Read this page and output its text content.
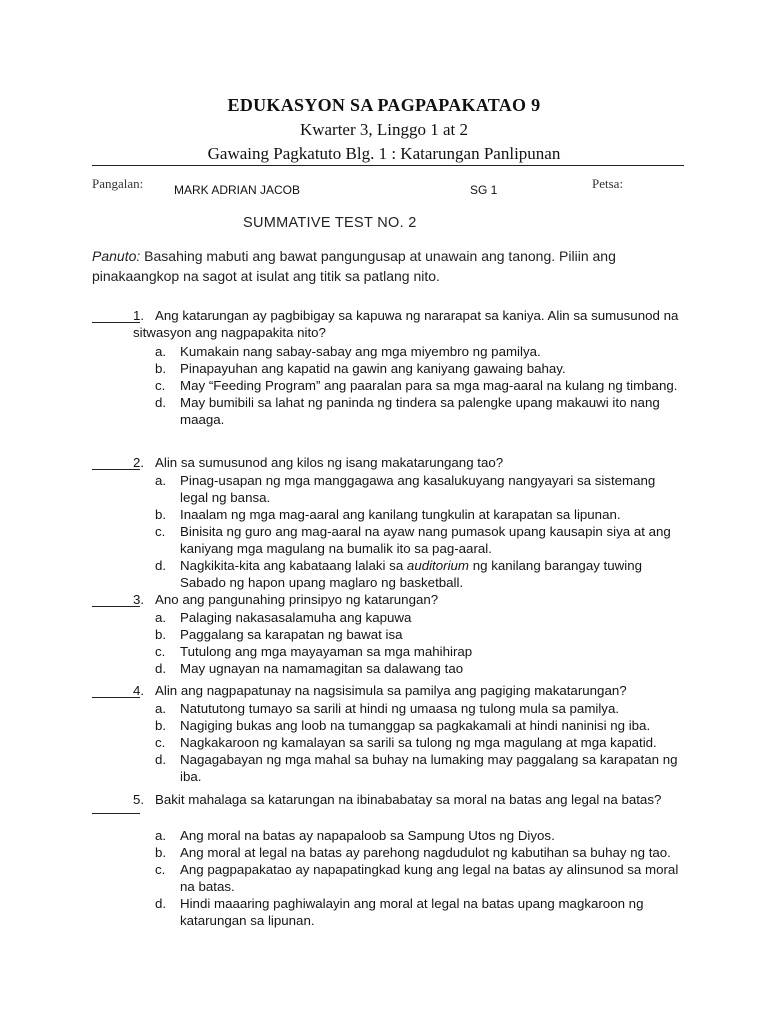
EDUKASYON SA PAGPAPAKATAO 9
Kwarter 3, Linggo 1 at 2
Gawaing Pagkatuto Blg. 1 : Katarungan Panlipunan
Pangalan:	MARK ADRIAN JACOB	SG 1	Petsa:
SUMMATIVE TEST NO. 2
Panuto: Basahing mabuti ang bawat pangungusap at unawain ang tanong. Piliin ang pinakaangkop na sagot at isulat ang titik sa patlang nito.
1. Ang katarungan ay pagbibigay sa kapuwa ng nararapat sa kaniya. Alin sa sumusunod na sitwasyon ang nagpapakita nito?
a.	Kumakain nang sabay-sabay ang mga miyembro ng pamilya.
b.	Pinapayuhan ang kapatid na gawin ang kaniyang gawaing bahay.
c.	May “Feeding Program” ang paaralan para sa mga mag-aaral na kulang ng timbang.
d.	May bumibili sa lahat ng paninda ng tindera sa palengke upang makauwi ito nang maaga.
2. Alin sa sumusunod ang kilos ng isang makatarungang tao?
a.	Pinag-usapan ng mga manggagawa ang kasalukuyang nangyayari sa sistemang legal ng bansa.
b.	Inaalam ng mga mag-aaral ang kanilang tungkulin at karapatan sa lipunan.
c.	Binisita ng guro ang mag-aaral na ayaw nang pumasok upang kausapin siya at ang kaniyang mga magulang na bumalik ito sa pag-aaral.
d.	Nagkikita-kita ang kabataang lalaki sa auditorium ng kanilang barangay tuwing Sabado ng hapon upang maglaro ng basketball.
3. Ano ang pangunahing prinsipyo ng katarungan?
a.	Palaging nakasasalamuha ang kapuwa
b.	Paggalang sa karapatan ng bawat isa
c.	Tutulong ang mga mayayaman sa mga mahihirap
d.	May ugnayan na namamagitan sa dalawang tao
4. Alin ang nagpapatunay na nagsisimula sa pamilya ang pagiging makatarungan?
a.	Natututong tumayo sa sarili at hindi ng umaasa ng tulong mula sa pamilya.
b.	Nagiging bukas ang loob na tumanggap sa pagkakamali at hindi naninisi ng iba.
c.	Nagkakaroon ng kamalayan sa sarili sa tulong ng mga magulang at mga kapatid.
d.	Nagagabayan ng mga mahal sa buhay na lumaking may paggalang sa karapatan ng iba.
5. Bakit mahalaga sa katarungan na ibinababatay sa moral na batas ang legal na batas?
a.	Ang moral na batas ay napapaloob sa Sampung Utos ng Diyos.
b.	Ang moral at legal na batas ay parehong nagdudulot ng kabutihan sa buhay ng tao.
c.	Ang pagpapakatao ay napapatingkad kung ang legal na batas ay alinsunod sa moral na batas.
d.	Hindi maaaring paghiwalayin ang moral at legal na batas upang magkaroon ng katarungan sa lipunan.
